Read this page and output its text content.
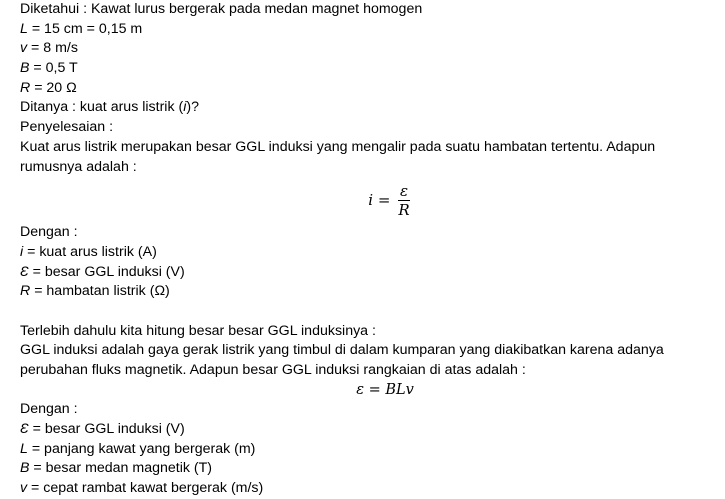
Diketahui : Kawat lurus bergerak pada medan magnet homogen
L = 15 cm = 0,15 m
v = 8 m/s
B = 0,5 T
R = 20 Ω
Ditanya : kuat arus listrik (i)?
Penyelesaian :
Kuat arus listrik merupakan besar GGL induksi yang mengalir pada suatu hambatan tertentu. Adapun
rumusnya adalah :
$i = \frac{\varepsilon}{R}$
Dengan :
i = kuat arus listrik (A)
Ɛ = besar GGL induksi (V)
R = hambatan listrik (Ω)
Terlebih dahulu kita hitung besar besar GGL induksinya :
GGL induksi adalah gaya gerak listrik yang timbul di dalam kumparan yang diakibatkan karena adanya
perubahan fluks magnetik. Adapun besar GGL induksi rangkaian di atas adalah :
ε = BLv
Dengan :
Ɛ = besar GGL induksi (V)
L = panjang kawat yang bergerak (m)
B = besar medan magnetik (T)
v = cepat rambat kawat bergerak (m/s)
